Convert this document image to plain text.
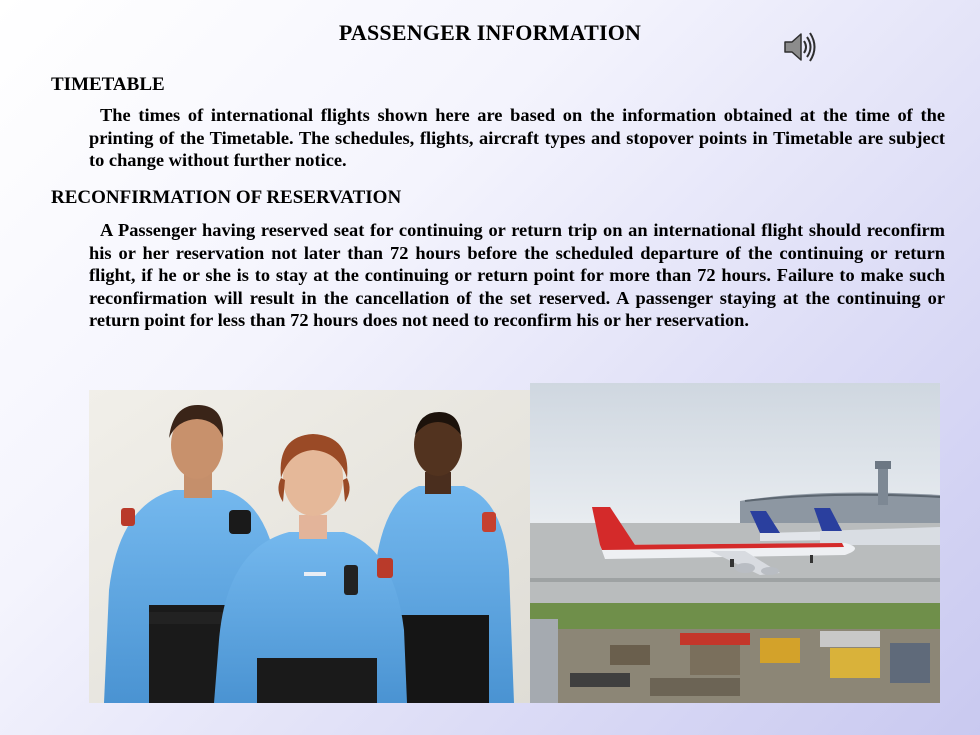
PASSENGER INFORMATION
TIMETABLE
The times of international flights shown here are based on the information obtained at the time of the printing of the Timetable. The schedules, flights, aircraft types and stopover points in Timetable are subject to change without further notice.
RECONFIRMATION OF RESERVATION
A Passenger having reserved seat for continuing or return trip on an international flight should reconfirm his or her reservation not later than 72 hours before the scheduled departure of the continuing or return flight, if he or she is to stay at the continuing or return point for more than 72 hours. Failure to make such reconfirmation will result in the cancellation of the set reserved. A passenger staying at the continuing or return point for less than 72 hours does not need to reconfirm his or her reservation.
